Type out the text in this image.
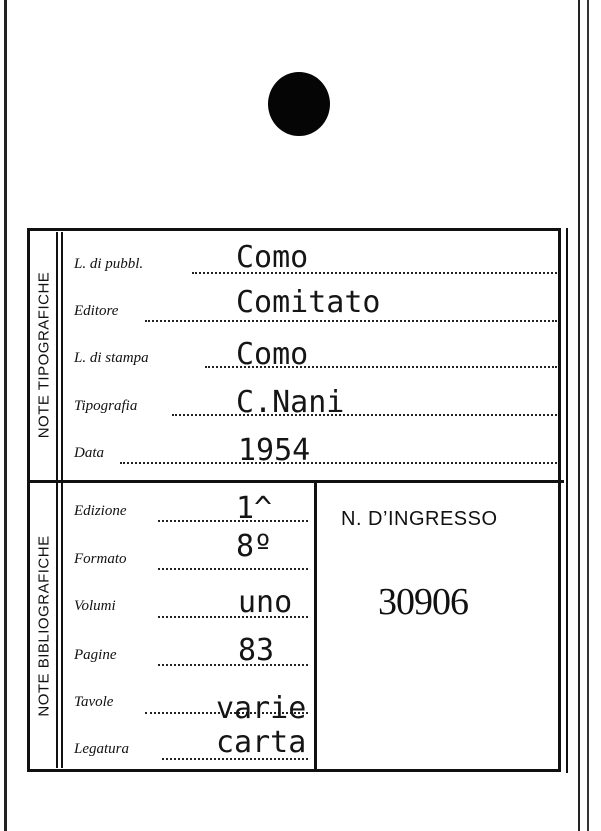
NOTE TIPOGRAFICHE
NOTE BIBLIOGRAFICHE
L. di pubbl.	Como
Editore	Comitato
L. di stampa	Como
Tipografia	C.Nani
Data	1954
Edizione	1^
Formato	8º
Volumi	uno
Pagine	83
Tavole	varie
Legatura	carta
N. D’INGRESSO
30906
